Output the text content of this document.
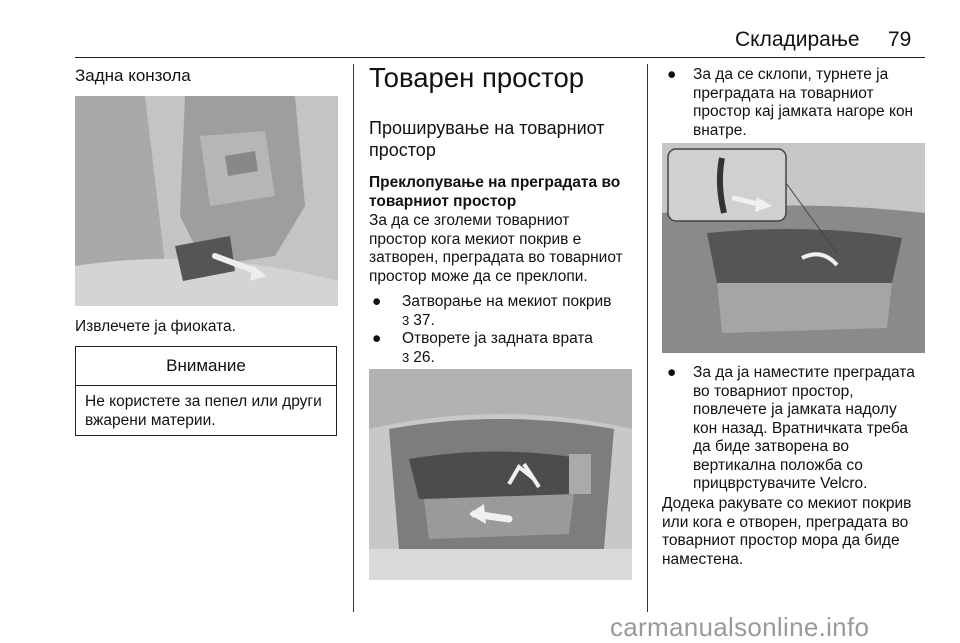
Складирање 79
Задна конзола
Извлечете ја фиоката.
Внимание
Не користете за пепел или други
вжарени материи.
Товарен простор
Проширување на товарниот
простор
Преклопување на преградата во
товарниот простор
За да се зголеми товарниот
простор кога мекиот покрив е
затворен, преградата во товарниот
простор може да се преклопи.
● Затворање на мекиот покрив
3 37.
● Отворете ја задната врата
3 26.
● За да се склопи, турнете ја
преградата на товарниот
простор кај јамката нагоре кон
внатре.
● За да ја наместите преградата
во товарниот простор,
повлечете ја јамката надолу
кон назад. Вратничката треба
да биде затворена во
вертикална положба со
прицврстувачите Velcro.
Додека ракувате со мекиот покрив
или кога е отворен, преградата во
товарниот простор мора да биде
наместена.
carmanualsonline.info
